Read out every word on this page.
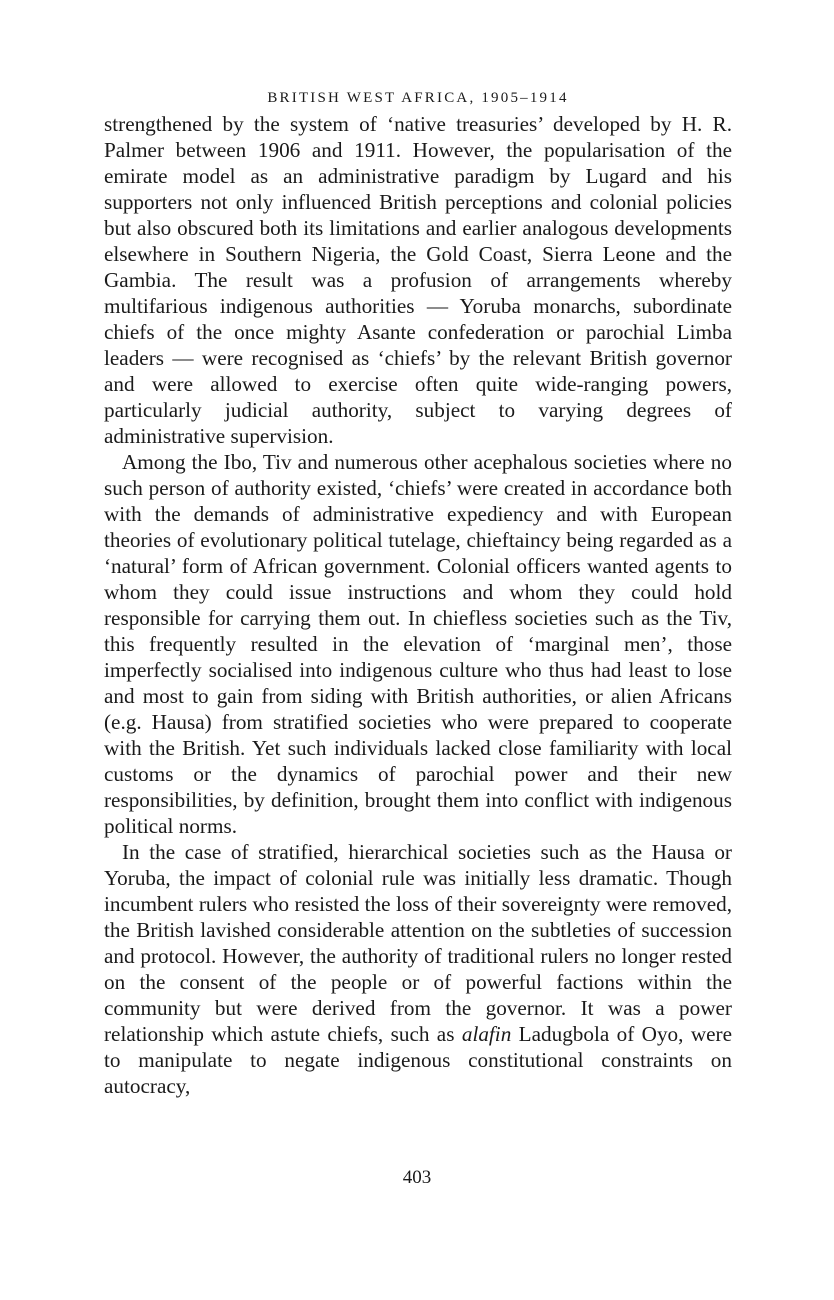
BRITISH WEST AFRICA, 1905–1914

strengthened by the system of ‘native treasuries’ developed by H. R. Palmer between 1906 and 1911. However, the popularisation of the emirate model as an administrative paradigm by Lugard and his supporters not only influenced British perceptions and colonial policies but also obscured both its limitations and earlier analogous developments elsewhere in Southern Nigeria, the Gold Coast, Sierra Leone and the Gambia. The result was a profusion of arrangements whereby multifarious indigenous authorities — Yoruba monarchs, subordinate chiefs of the once mighty Asante confederation or parochial Limba leaders — were recognised as ‘chiefs’ by the relevant British governor and were allowed to exercise often quite wide-ranging powers, particularly judicial authority, subject to varying degrees of administrative supervision.

Among the Ibo, Tiv and numerous other acephalous societies where no such person of authority existed, ‘chiefs’ were created in accordance both with the demands of administrative expediency and with European theories of evolutionary political tutelage, chieftaincy being regarded as a ‘natural’ form of African government. Colonial officers wanted agents to whom they could issue instructions and whom they could hold responsible for carrying them out. In chiefless societies such as the Tiv, this frequently resulted in the elevation of ‘marginal men’, those imperfectly socialised into indigenous culture who thus had least to lose and most to gain from siding with British authorities, or alien Africans (e.g. Hausa) from stratified societies who were prepared to cooperate with the British. Yet such individuals lacked close familiarity with local customs or the dynamics of parochial power and their new responsibilities, by definition, brought them into conflict with indigenous political norms.

In the case of stratified, hierarchical societies such as the Hausa or Yoruba, the impact of colonial rule was initially less dramatic. Though incumbent rulers who resisted the loss of their sovereignty were removed, the British lavished considerable attention on the subtleties of succession and protocol. However, the authority of traditional rulers no longer rested on the consent of the people or of powerful factions within the community but were derived from the governor. It was a power relationship which astute chiefs, such as alafin Ladugbola of Oyo, were to manipulate to negate indigenous constitutional constraints on autocracy,

403
